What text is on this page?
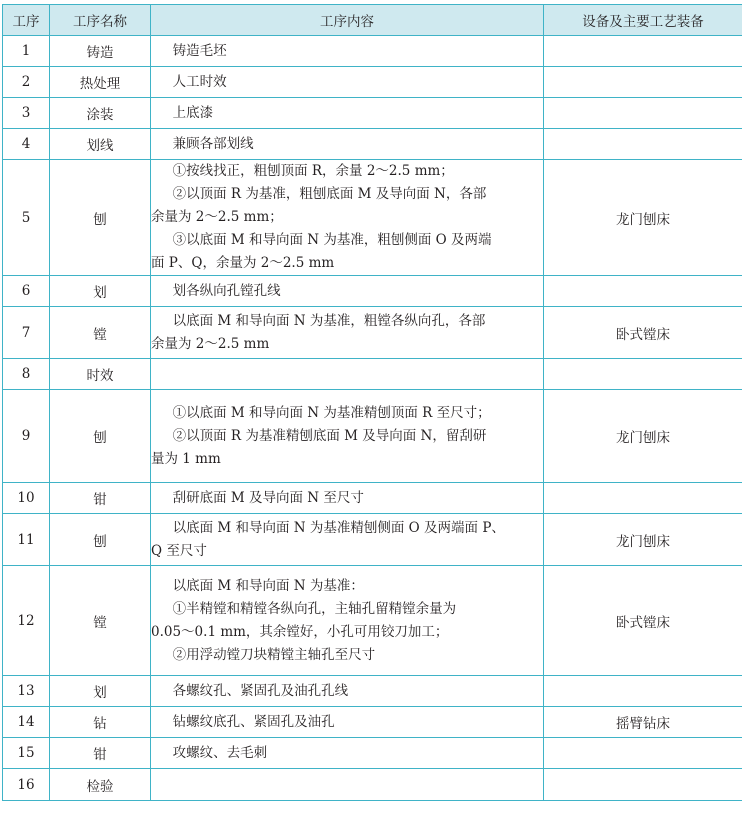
工序	工序名称	工序内容	设备及主要工艺装备
1	铸造	铸造毛坯	

2	热处理	人工时效	

3	涂装	上底漆	

4	划线	兼顾各部划线	

5	刨	①按线找正，粗刨顶面 R，余量 2～2.5 mm；
②以顶面 R 为基准，粗刨底面 M 及导向面 N，各部
余量为 2～2.5 mm；
③以底面 M 和导向面 N 为基准，粗刨侧面 O 及两端
面 P、Q，余量为 2～2.5 mm	龙门刨床
6	划	划各纵向孔镗孔线	

7	镗	以底面 M 和导向面 N 为基准，粗镗各纵向孔，各部
余量为 2～2.5 mm	卧式镗床
8	时效	

9	刨	①以底面 M 和导向面 N 为基准精刨顶面 R 至尺寸；
②以顶面 R 为基准精刨底面 M 及导向面 N，留刮研
量为 1 mm	龙门刨床
10	钳	刮研底面 M 及导向面 N 至尺寸	

11	刨	以底面 M 和导向面 N 为基准精刨侧面 O 及两端面 P、
Q 至尺寸	龙门刨床
12	镗	以底面 M 和导向面 N 为基准：
①半精镗和精镗各纵向孔，主轴孔留精镗余量为
0.05～0.1 mm，其余镗好，小孔可用铰刀加工；
②用浮动镗刀块精镗主轴孔至尺寸	卧式镗床
13	划	各螺纹孔、紧固孔及油孔孔线	

14	钻	钻螺纹底孔、紧固孔及油孔	摇臂钻床
15	钳	攻螺纹、去毛刺	

16	检验	
